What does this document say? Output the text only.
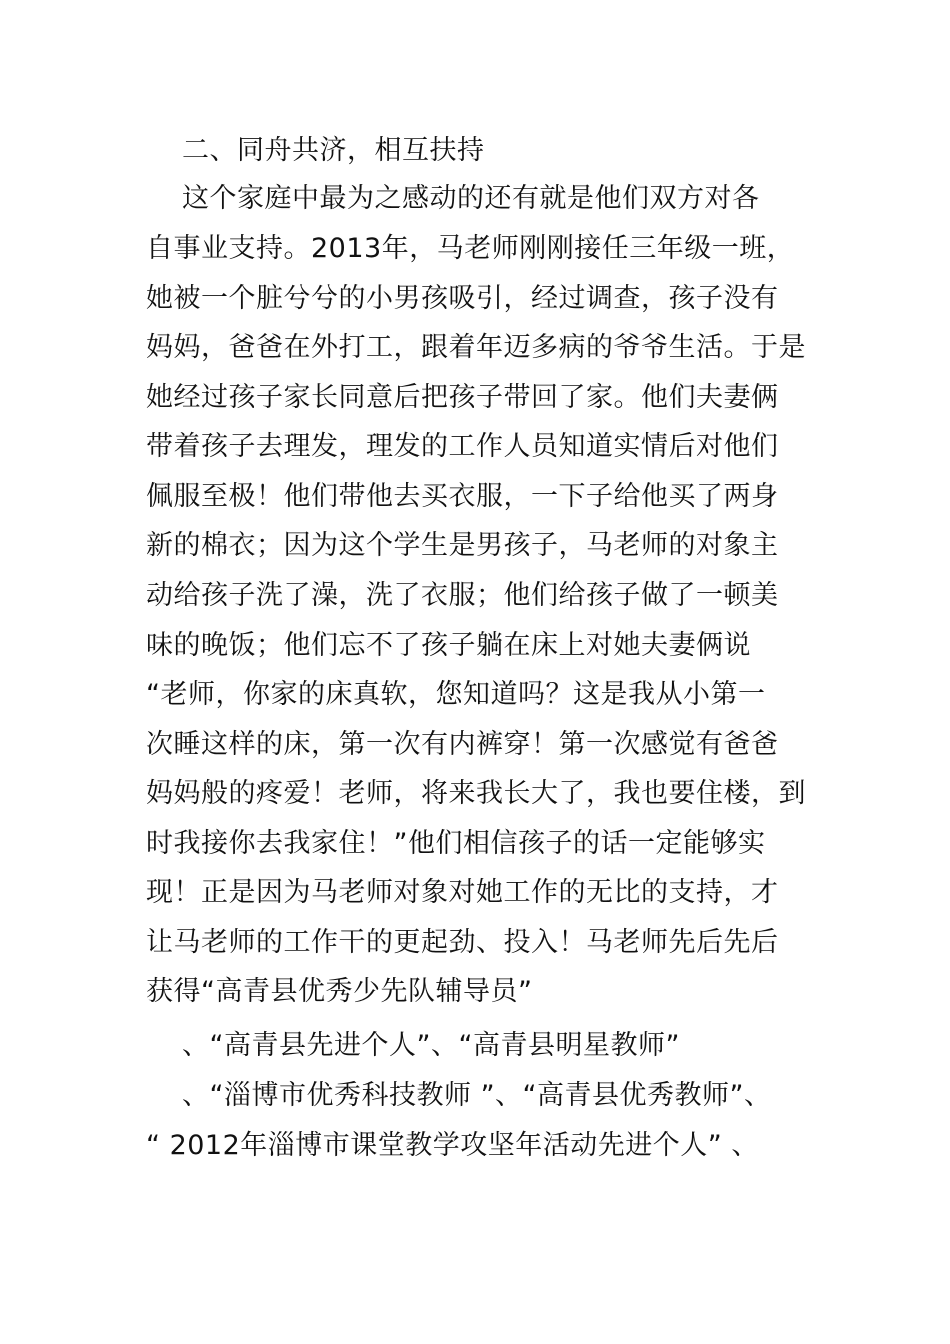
二、同舟共济，相互扶持
这个家庭中最为之感动的还有就是他们双方对各
自事业支持。2013年，马老师刚刚接任三年级一班，
她被一个脏兮兮的小男孩吸引，经过调查，孩子没有
妈妈，爸爸在外打工，跟着年迈多病的爷爷生活。于是
她经过孩子家长同意后把孩子带回了家。他们夫妻俩
带着孩子去理发，理发的工作人员知道实情后对他们
佩服至极！他们带他去买衣服，一下子给他买了两身
新的棉衣；因为这个学生是男孩子，马老师的对象主
动给孩子洗了澡，洗了衣服；他们给孩子做了一顿美
味的晚饭；他们忘不了孩子躺在床上对她夫妻俩说
“老师，你家的床真软，您知道吗？这是我从小第一
次睡这样的床，第一次有内裤穿！第一次感觉有爸爸
妈妈般的疼爱！老师，将来我长大了，我也要住楼，到
时我接你去我家住！”他们相信孩子的话一定能够实
现！正是因为马老师对象对她工作的无比的支持，才
让马老师的工作干的更起劲、投入！马老师先后先后
获得“高青县优秀少先队辅导员”
、“高青县先进个人”、“高青县明星教师”
、“淄博市优秀科技教师 ”、“高青县优秀教师”、
“ 2012年淄博市课堂教学攻坚年活动先进个人” 、
